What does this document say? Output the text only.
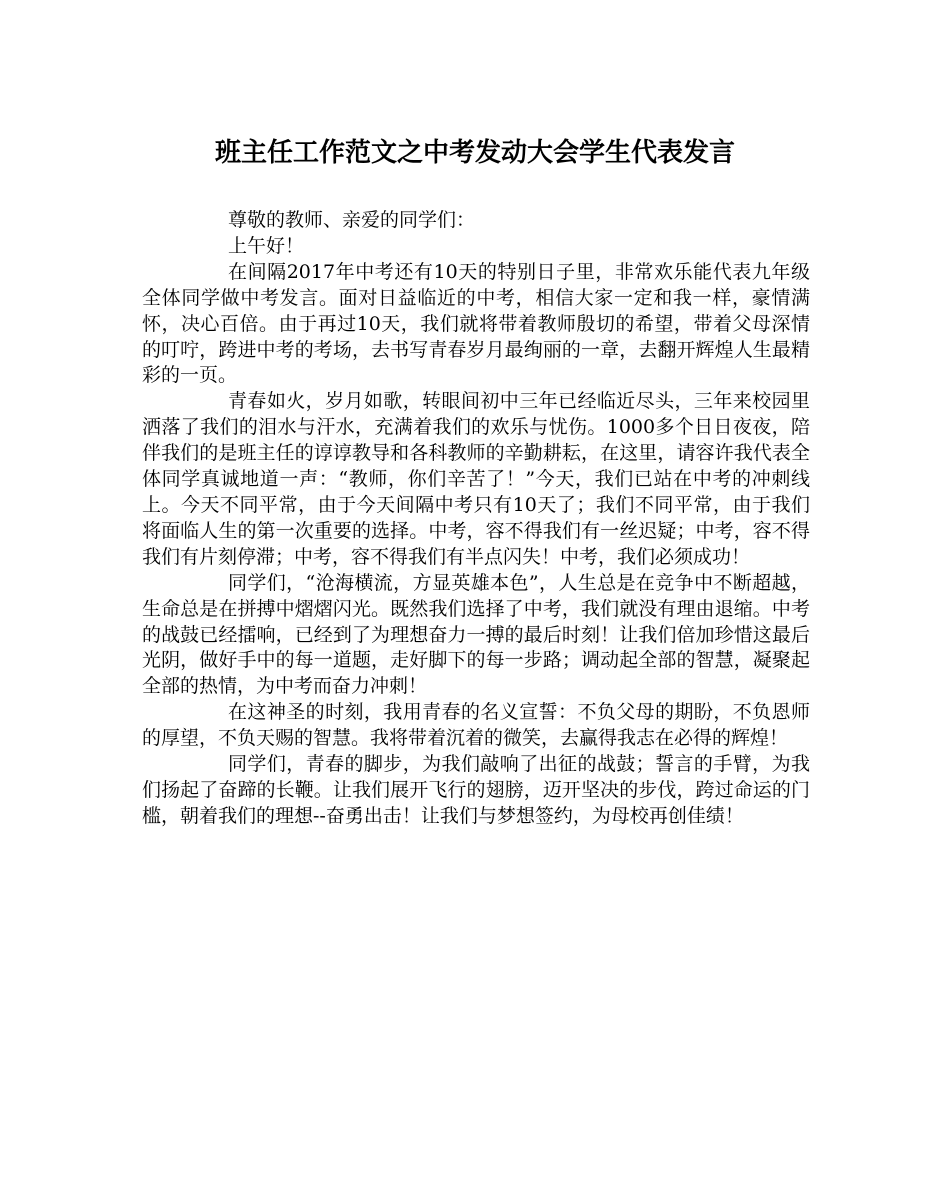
班主任工作范文之中考发动大会学生代表发言

尊敬的教师、亲爱的同学们：

上午好！

在间隔2017年中考还有10天的特别日子里，非常欢乐能代表九年级全体同学做中考发言。面对日益临近的中考，相信大家一定和我一样，豪情满怀，决心百倍。由于再过10天，我们就将带着教师殷切的希望，带着父母深情的叮咛，跨进中考的考场，去书写青春岁月最绚丽的一章，去翻开辉煌人生最精彩的一页。

青春如火，岁月如歌，转眼间初中三年已经临近尽头，三年来校园里洒落了我们的泪水与汗水，充满着我们的欢乐与忧伤。1000多个日日夜夜，陪伴我们的是班主任的谆谆教导和各科教师的辛勤耕耘，在这里，请容许我代表全体同学真诚地道一声：“教师，你们辛苦了！”今天，我们已站在中考的冲刺线上。今天不同平常，由于今天间隔中考只有10天了；我们不同平常，由于我们将面临人生的第一次重要的选择。中考，容不得我们有一丝迟疑；中考，容不得我们有片刻停滞；中考，容不得我们有半点闪失！中考，我们必须成功！

同学们，“沧海横流，方显英雄本色”，人生总是在竞争中不断超越，生命总是在拼搏中熠熠闪光。既然我们选择了中考，我们就没有理由退缩。中考的战鼓已经擂响，已经到了为理想奋力一搏的最后时刻！让我们倍加珍惜这最后光阴，做好手中的每一道题，走好脚下的每一步路；调动起全部的智慧，凝聚起全部的热情，为中考而奋力冲刺！

在这神圣的时刻，我用青春的名义宣誓：不负父母的期盼，不负恩师的厚望，不负天赐的智慧。我将带着沉着的微笑，去赢得我志在必得的辉煌！

同学们，青春的脚步，为我们敲响了出征的战鼓；誓言的手臂，为我们扬起了奋蹄的长鞭。让我们展开飞行的翅膀，迈开坚决的步伐，跨过命运的门槛，朝着我们的理想--奋勇出击！让我们与梦想签约，为母校再创佳绩！
